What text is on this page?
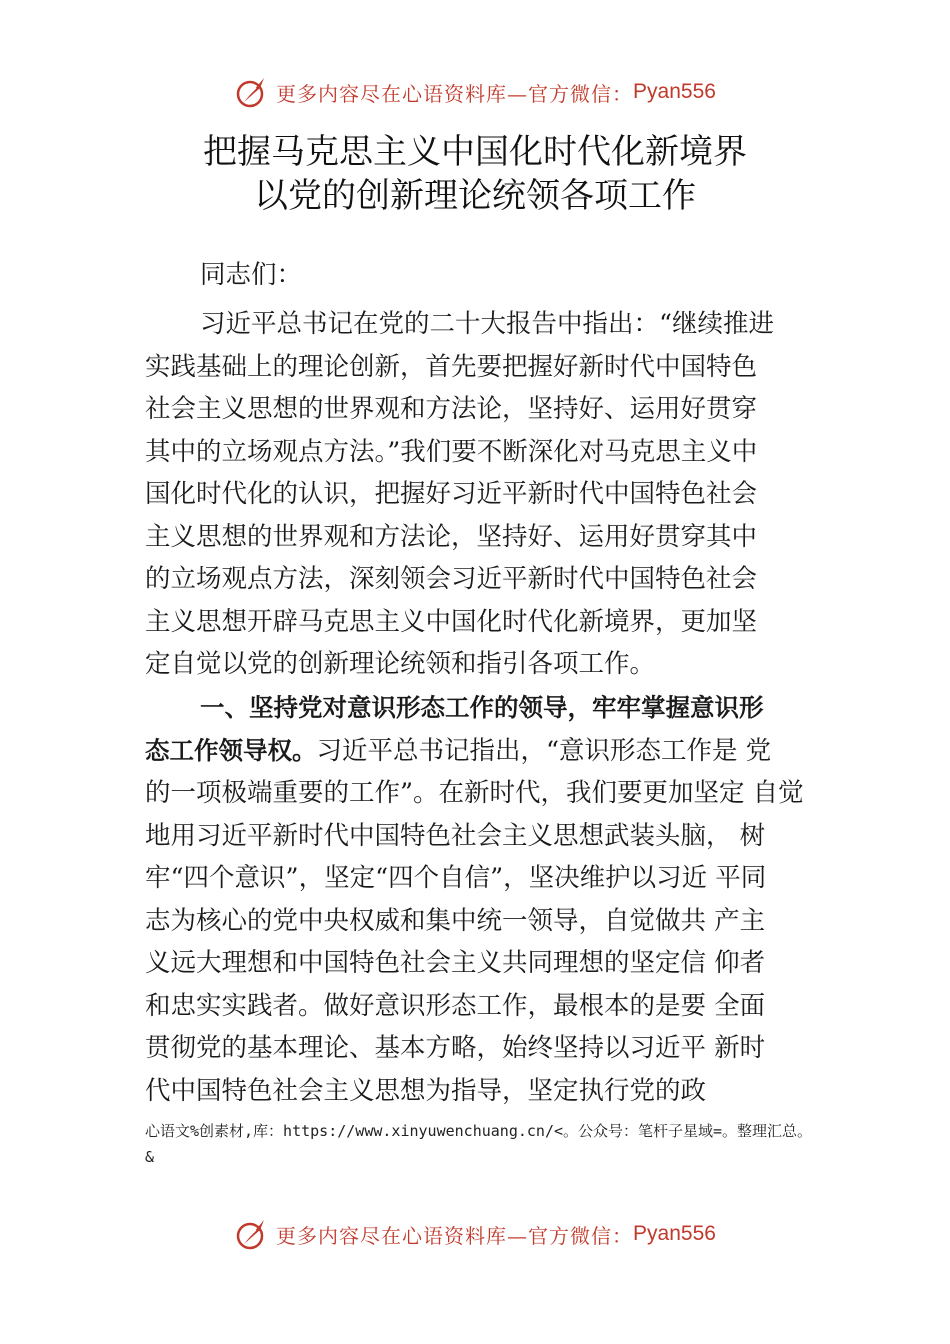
更多内容尽在心语资料库—官方微信： Pyan556
把握马克思主义中国化时代化新境界
以党的创新理论统领各项工作
同志们：
习近平总书记在党的二十大报告中指出：“继续推进
实践基础上的理论创新，首先要把握好新时代中国特色
社会主义思想的世界观和方法论，坚持好、运用好贯穿
其中的立场观点方法。”我们要不断深化对马克思主义中
国化时代化的认识，把握好习近平新时代中国特色社会
主义思想的世界观和方法论，坚持好、运用好贯穿其中
的立场观点方法，深刻领会习近平新时代中国特色社会
主义思想开辟马克思主义中国化时代化新境界，更加坚
定自觉以党的创新理论统领和指引各项工作。
一、坚持党对意识形态工作的领导，牢牢掌握意识形
态工作领导权。习近平总书记指出，“意识形态工作是 党
的一项极端重要的工作”。在新时代，我们要更加坚定 自觉
地用习近平新时代中国特色社会主义思想武装头脑， 树
牢“四个意识”，坚定“四个自信”，坚决维护以习近 平同
志为核心的党中央权威和集中统一领导，自觉做共 产主
义远大理想和中国特色社会主义共同理想的坚定信 仰者
和忠实实践者。做好意识形态工作，最根本的是要 全面
贯彻党的基本理论、基本方略，始终坚持以习近平 新时
代中国特色社会主义思想为指导，坚定执行党的政
心语文%创素材,库：https://www.xinyuwenchuang.cn/<。公众号：笔杆子星域=。整理汇总。
&
更多内容尽在心语资料库—官方微信： Pyan556
